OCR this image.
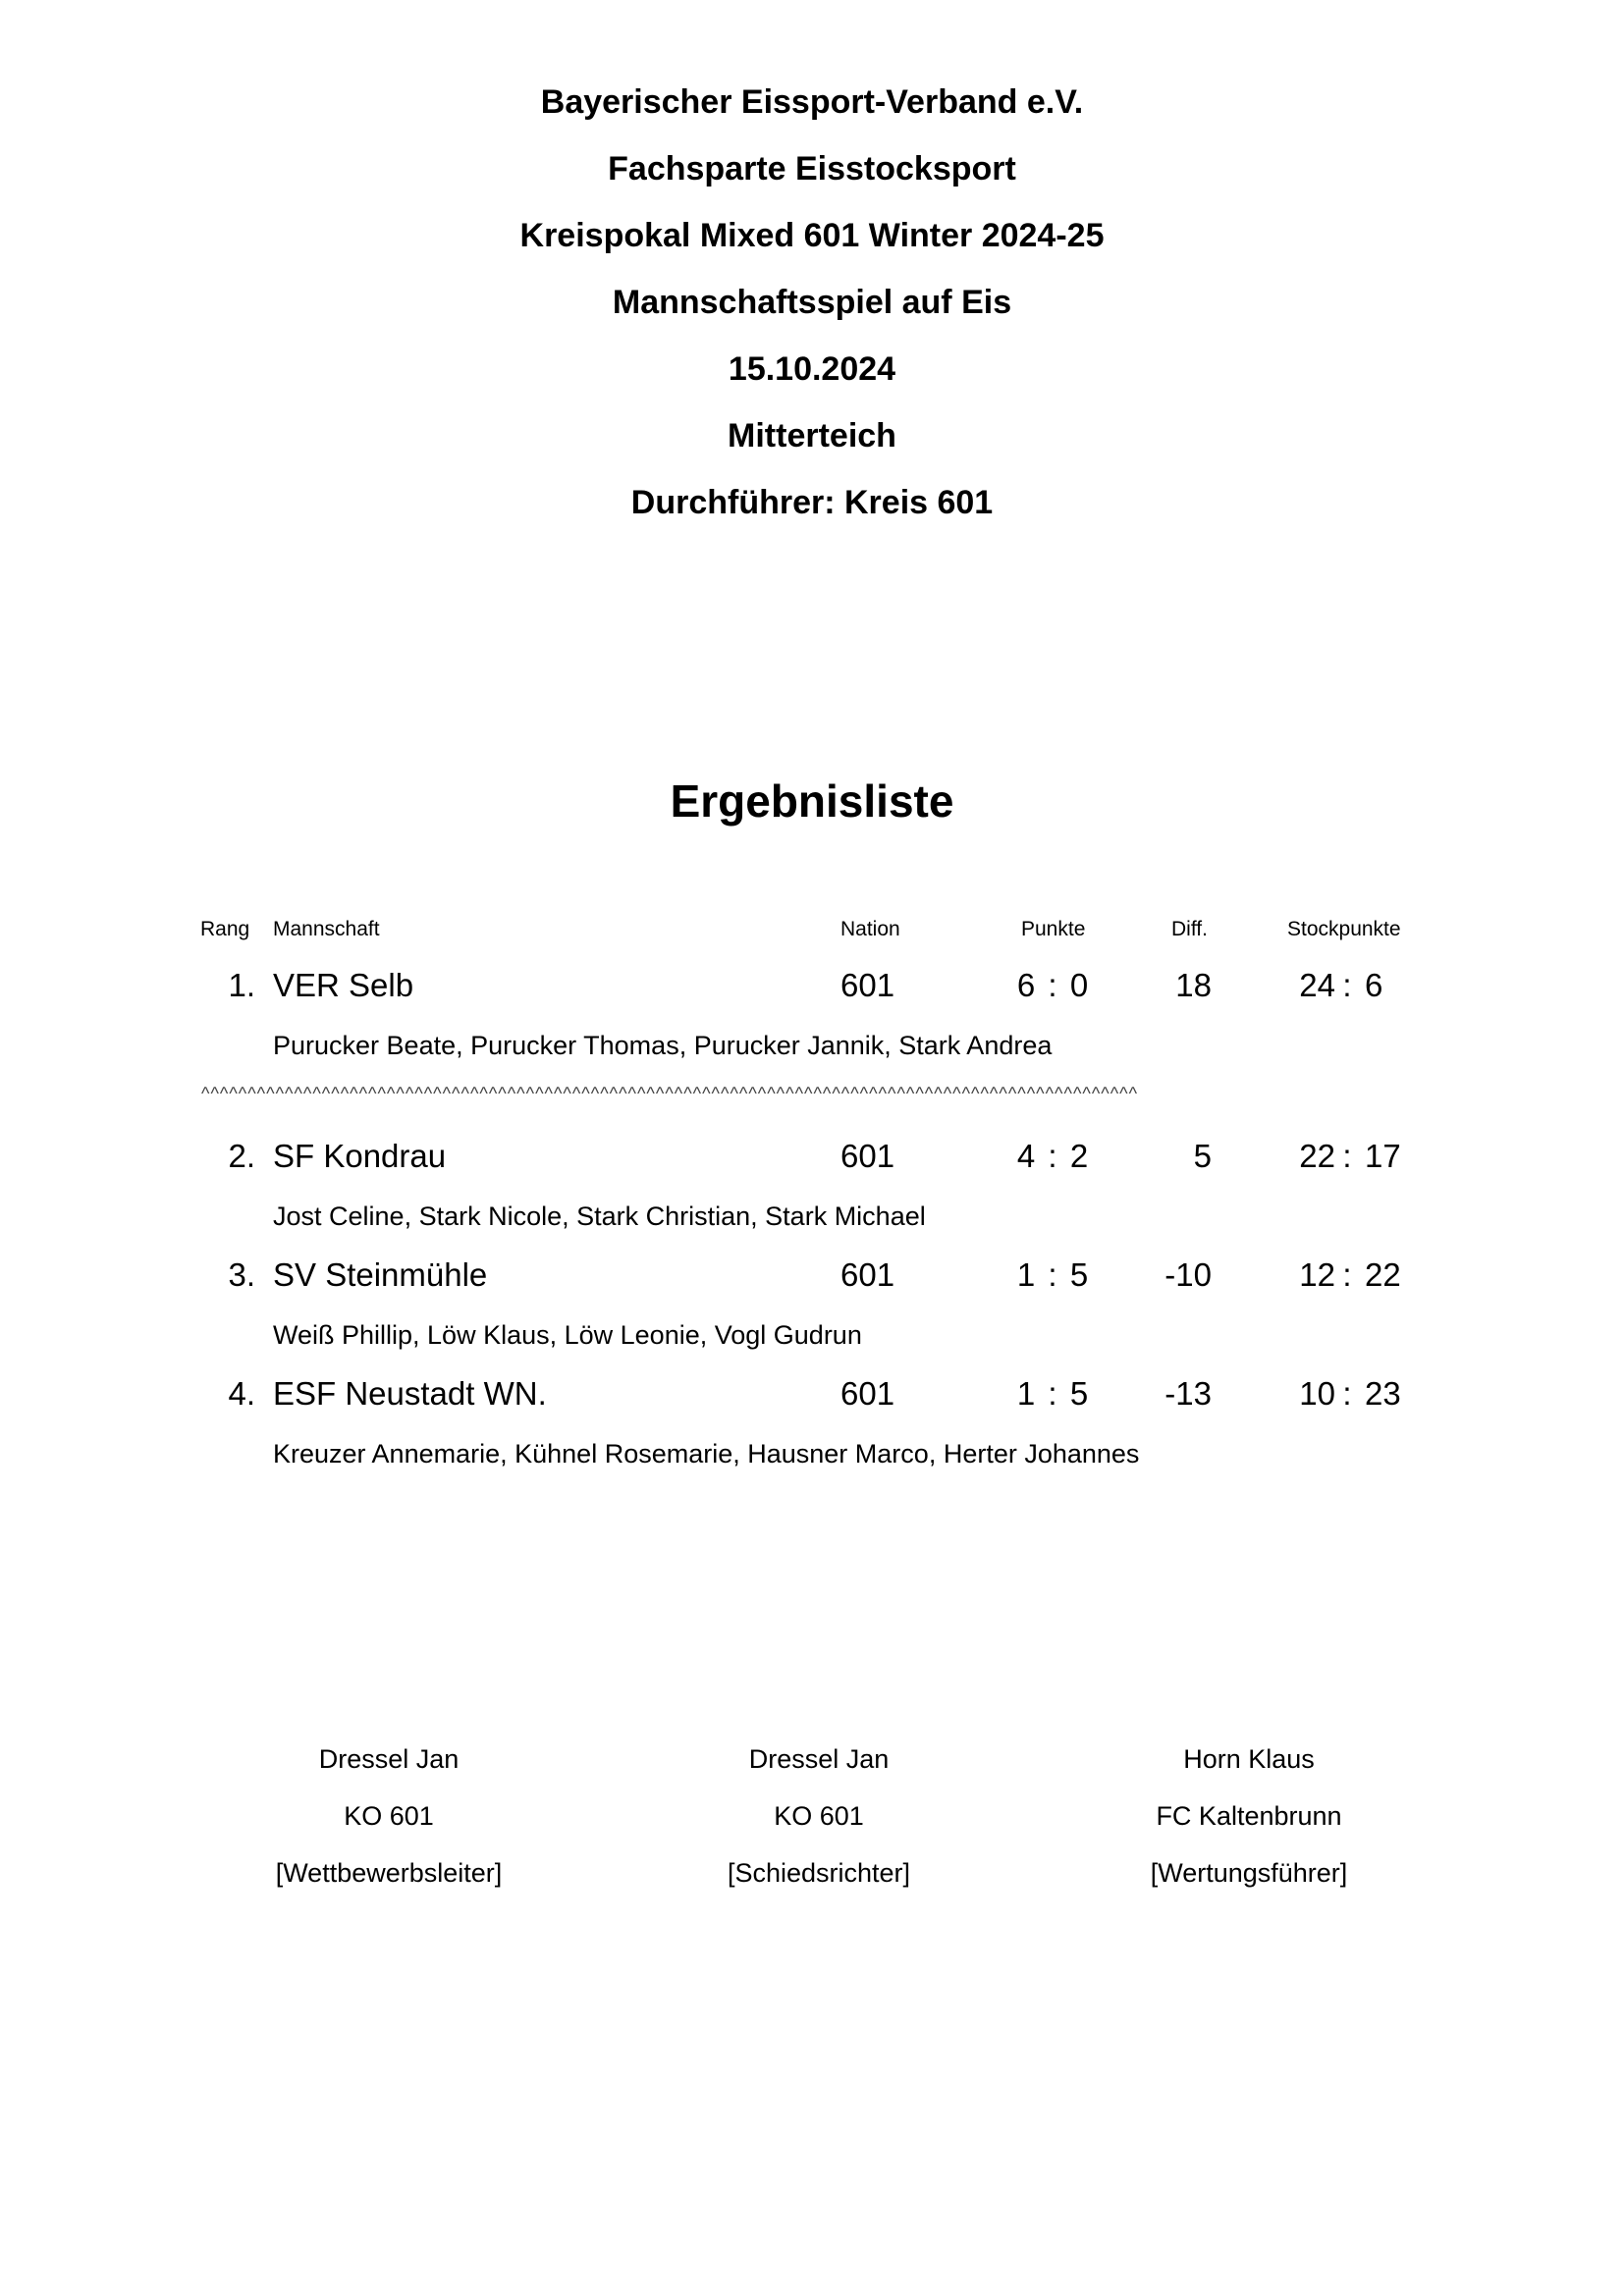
Bayerischer Eissport-Verband e.V.
Fachsparte Eisstocksport
Kreispokal Mixed 601 Winter 2024-25
Mannschaftsspiel auf Eis
15.10.2024
Mitterteich
Durchführer: Kreis 601
Ergebnisliste
Rang Mannschaft	Nation	Punkte	Diff.	Stockpunkte
1. VER Selb	601	6 : 0	18	24 : 6
Purucker Beate, Purucker Thomas, Purucker Jannik, Stark Andrea
^^^^^^^^^^^^^^^^^^^^^^^^^^^^^^^^^^^^^^^^^^^^^^^^^^^^^^^^^^^^^^^^^^^^^^^^^^^^^^^^^^^^^^^^^^^^^^^^^^^^^
2. SF Kondrau	601	4 : 2	5	22 : 17
Jost Celine, Stark Nicole, Stark Christian, Stark Michael
3. SV Steinmühle	601	1 : 5	-10	12 : 22
Weiß Phillip, Löw Klaus, Löw Leonie, Vogl Gudrun
4. ESF Neustadt WN.	601	1 : 5	-13	10 : 23
Kreuzer Annemarie, Kühnel Rosemarie, Hausner Marco, Herter Johannes
Dressel Jan
KO 601
[Wettbewerbsleiter]
Dressel Jan
KO 601
[Schiedsrichter]
Horn Klaus
FC Kaltenbrunn
[Wertungsführer]
